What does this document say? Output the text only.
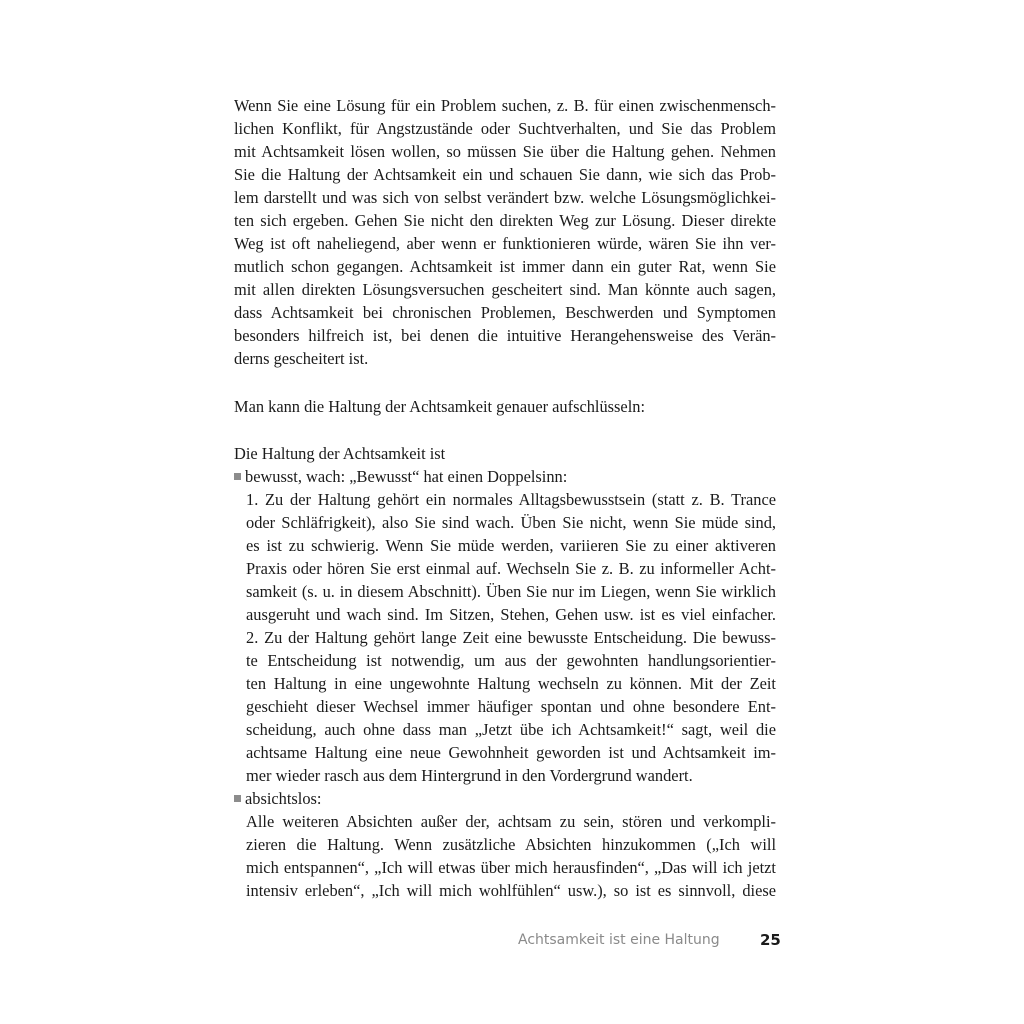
Wenn Sie eine Lösung für ein Problem suchen, z. B. für einen zwischenmensch-
lichen Konflikt, für Angstzustände oder Suchtverhalten, und Sie das Problem
mit Achtsamkeit lösen wollen, so müssen Sie über die Haltung gehen. Nehmen
Sie die Haltung der Achtsamkeit ein und schauen Sie dann, wie sich das Prob-
lem darstellt und was sich von selbst verändert bzw. welche Lösungsmöglichkei-
ten sich ergeben. Gehen Sie nicht den direkten Weg zur Lösung. Dieser direkte
Weg ist oft naheliegend, aber wenn er funktionieren würde, wären Sie ihn ver-
mutlich schon gegangen. Achtsamkeit ist immer dann ein guter Rat, wenn Sie
mit allen direkten Lösungsversuchen gescheitert sind. Man könnte auch sagen,
dass Achtsamkeit bei chronischen Problemen, Beschwerden und Symptomen
besonders hilfreich ist, bei denen die intuitive Herangehensweise des Verän-
derns gescheitert ist.
Man kann die Haltung der Achtsamkeit genauer aufschlüsseln:
Die Haltung der Achtsamkeit ist
bewusst, wach: „Bewusst“ hat einen Doppelsinn:
1. Zu der Haltung gehört ein normales Alltagsbewusstsein (statt z. B. Trance
oder Schläfrigkeit), also Sie sind wach. Üben Sie nicht, wenn Sie müde sind,
es ist zu schwierig. Wenn Sie müde werden, variieren Sie zu einer aktiveren
Praxis oder hören Sie erst einmal auf. Wechseln Sie z. B. zu informeller Acht-
samkeit (s. u. in diesem Abschnitt). Üben Sie nur im Liegen, wenn Sie wirklich
ausgeruht und wach sind. Im Sitzen, Stehen, Gehen usw. ist es viel einfacher.
2. Zu der Haltung gehört lange Zeit eine bewusste Entscheidung. Die bewuss-
te Entscheidung ist notwendig, um aus der gewohnten handlungsorientier-
ten Haltung in eine ungewohnte Haltung wechseln zu können. Mit der Zeit
geschieht dieser Wechsel immer häufiger spontan und ohne besondere Ent-
scheidung, auch ohne dass man „Jetzt übe ich Achtsamkeit!“ sagt, weil die
achtsame Haltung eine neue Gewohnheit geworden ist und Achtsamkeit im-
mer wieder rasch aus dem Hintergrund in den Vordergrund wandert.
absichtslos:
Alle weiteren Absichten außer der, achtsam zu sein, stören und verkompli-
zieren die Haltung. Wenn zusätzliche Absichten hinzukommen („Ich will
mich entspannen“, „Ich will etwas über mich herausfinden“, „Das will ich jetzt
intensiv erleben“, „Ich will mich wohlfühlen“ usw.), so ist es sinnvoll, diese
Achtsamkeit ist eine Haltung	25
